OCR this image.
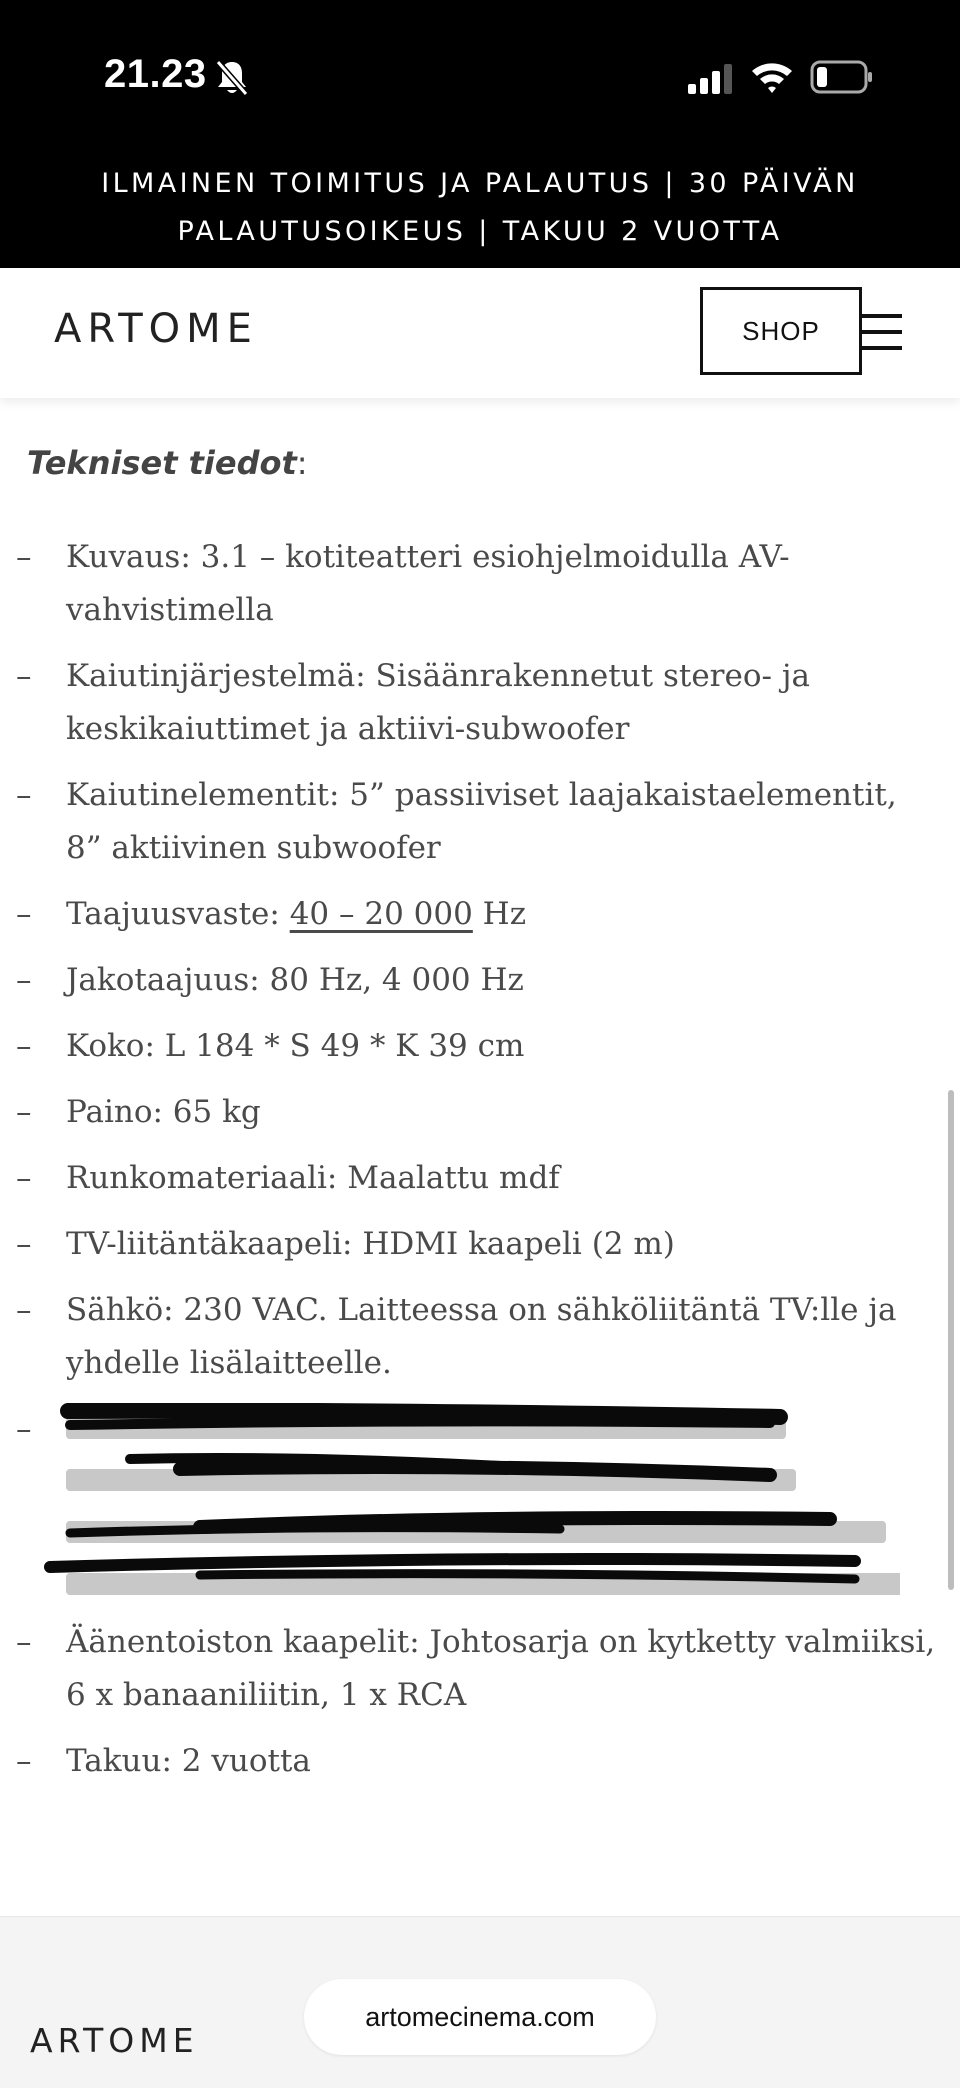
21.23
ILMAINEN TOIMITUS JA PALAUTUS | 30 PÄIVÄN
PALAUTUSOIKEUS | TAKUU 2 VUOTTA
ARTOME	SHOP
Tekniset tiedot:
– Kuvaus: 3.1 – kotiteatteri esiohjelmoidulla AV-vahvistimella
– Kaiutinjärjestelmä: Sisäänrakennetut stereo- ja keskikaiuttimet ja aktiivi-subwoofer
– Kaiutinelementit: 5” passiiviset laajakaistaelementit, 8” aktiivinen subwoofer
– Taajuusvaste: 40 – 20 000 Hz
– Jakotaajuus: 80 Hz, 4 000 Hz
– Koko: L 184 * S 49 * K 39 cm
– Paino: 65 kg
– Runkomateriaali: Maalattu mdf
– TV-liitäntäkaapeli: HDMI kaapeli (2 m)
– Sähkö: 230 VAC. Laitteessa on sähköliitäntä TV:lle ja yhdelle lisälaitteelle.
–
– Äänentoiston kaapelit: Johtosarja on kytketty valmiiksi, 6 x banaaniliitin, 1 x RCA
– Takuu: 2 vuotta
ARTOME
artomecinema.com
